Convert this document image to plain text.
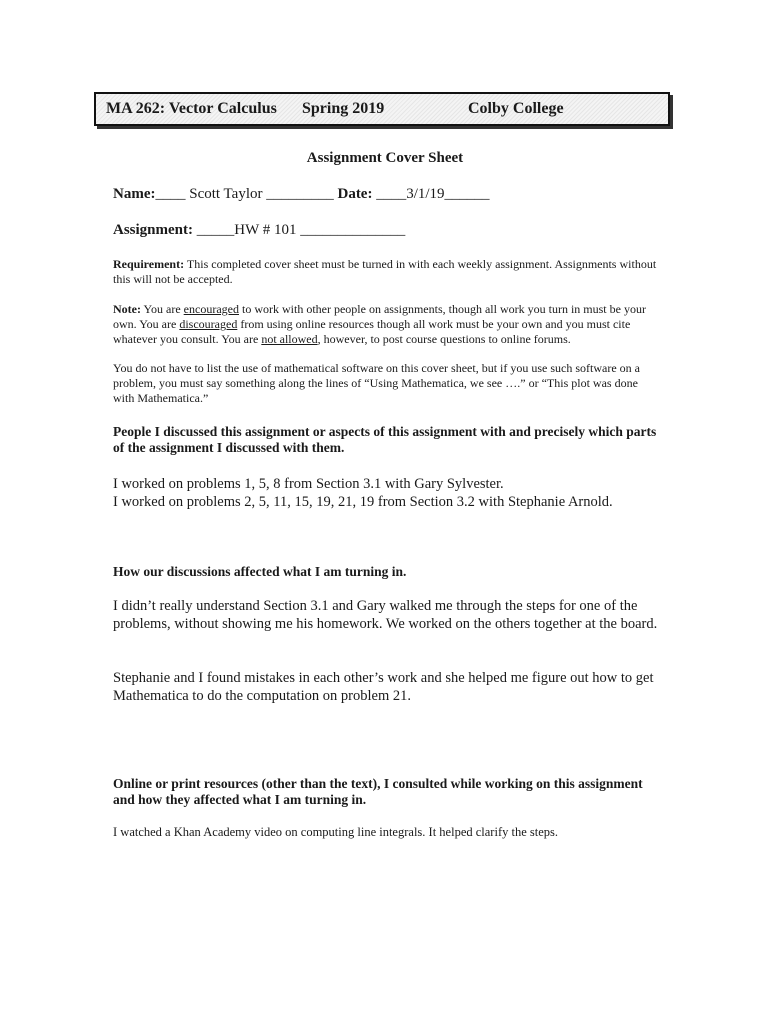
MA 262: Vector Calculus Spring 2019	Colby College
Assignment Cover Sheet
Name:____ Scott Taylor _________ Date: ____3/1/19______
Assignment: _____HW # 101 ______________
Requirement: This completed cover sheet must be turned in with each weekly assignment. Assignments without this will not be accepted.
Note: You are encouraged to work with other people on assignments, though all work you turn in must be your own. You are discouraged from using online resources though all work must be your own and you must cite whatever you consult. You are not allowed, however, to post course questions to online forums.
You do not have to list the use of mathematical software on this cover sheet, but if you use such software on a problem, you must say something along the lines of “Using Mathematica, we see ….” or “This plot was done with Mathematica.”
People I discussed this assignment or aspects of this assignment with and precisely which parts of the assignment I discussed with them.

I worked on problems 1, 5, 8 from Section 3.1 with Gary Sylvester.

I worked on problems 2, 5, 11, 15, 19, 21, 19 from Section 3.2 with Stephanie Arnold.

How our discussions affected what I am turning in.
I didn’t really understand Section 3.1 and Gary walked me through the steps for one of the problems, without showing me his homework. We worked on the others together at the board.
Stephanie and I found mistakes in each other’s work and she helped me figure out how to get Mathematica to do the computation on problem 21.
Online or print resources (other than the text), I consulted while working on this assignment and how they affected what I am turning in.
I watched a Khan Academy video on computing line integrals. It helped clarify the steps.
